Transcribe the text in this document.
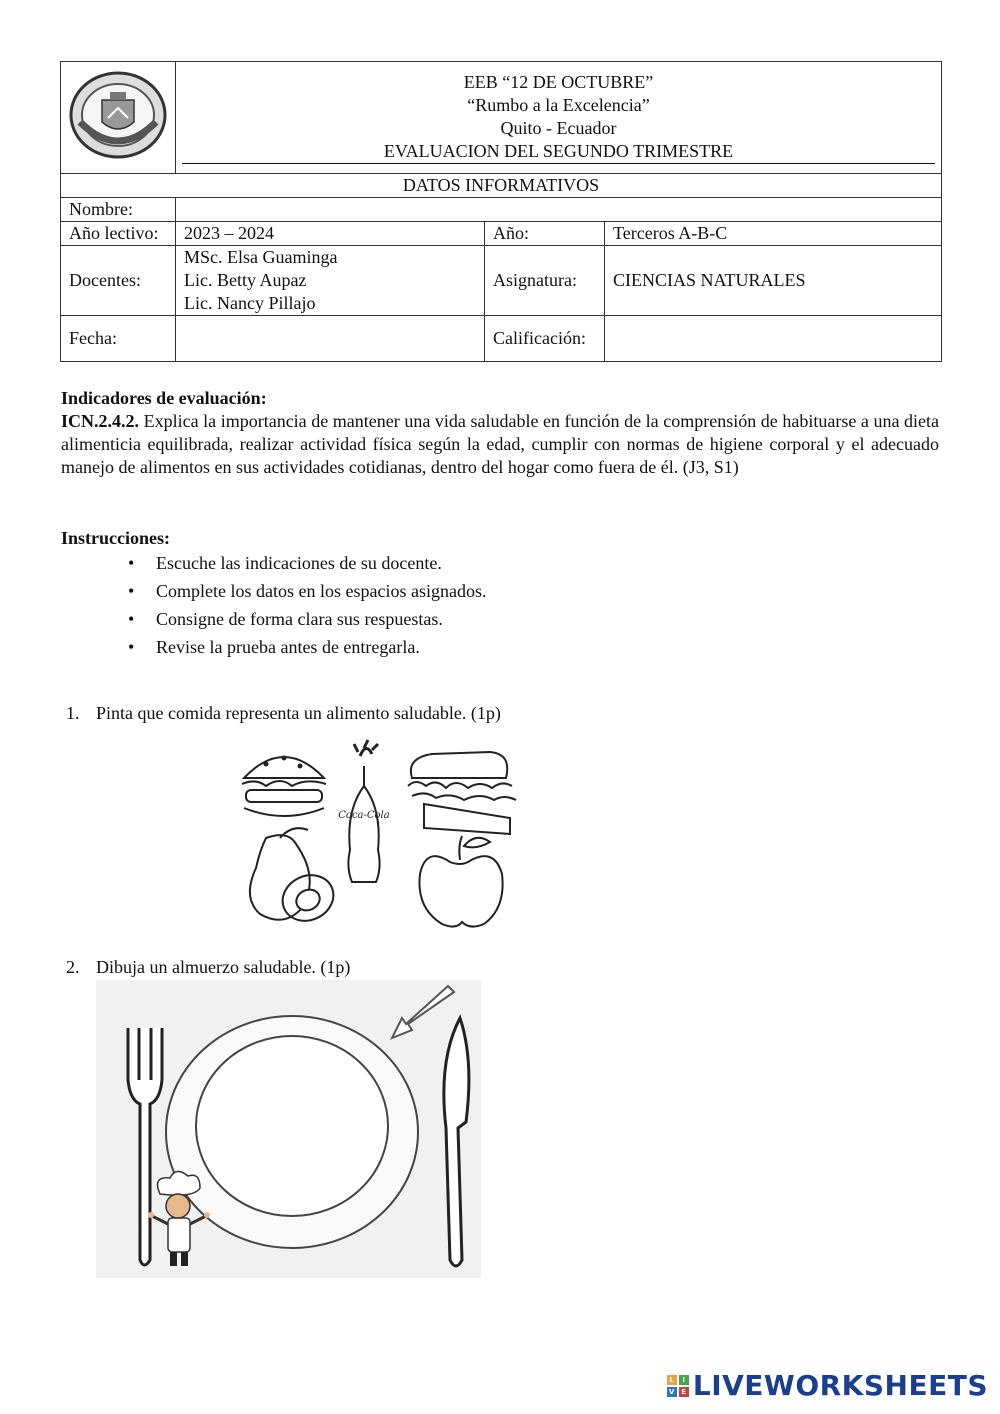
EEB “12 DE OCTUBRE”
“Rumbo a la Excelencia”
Quito - Ecuador
EVALUACION DEL SEGUNDO TRIMESTRE		

DATOS INFORMATIVOS			
Nombre:			
Año lectivo:	2023 – 2024	Año:	Terceros A-B-C
Docentes:	MSc. Elsa Guaminga
Lic. Betty Aupaz
Lic. Nancy Pillajo	Asignatura:	CIENCIAS NATURALES
Fecha:		Calificación:	
Indicadores de evaluación:
ICN.2.4.2. Explica la importancia de mantener una vida saludable en función de la comprensión de habituarse a una dieta alimenticia equilibrada, realizar actividad física según la edad, cumplir con normas de higiene corporal y el adecuado manejo de alimentos en sus actividades cotidianas, dentro del hogar como fuera de él. (J3, S1)
Instrucciones:
• Escuche las indicaciones de su docente.
• Complete los datos en los espacios asignados.
• Consigne de forma clara sus respuestas.
• Revise la prueba antes de entregarla.
1. Pinta que comida representa un alimento saludable. (1p)
Coca-Cola
2. Dibuja un almuerzo saludable. (1p)
L	I
V E LIVEWORKSHEETS
